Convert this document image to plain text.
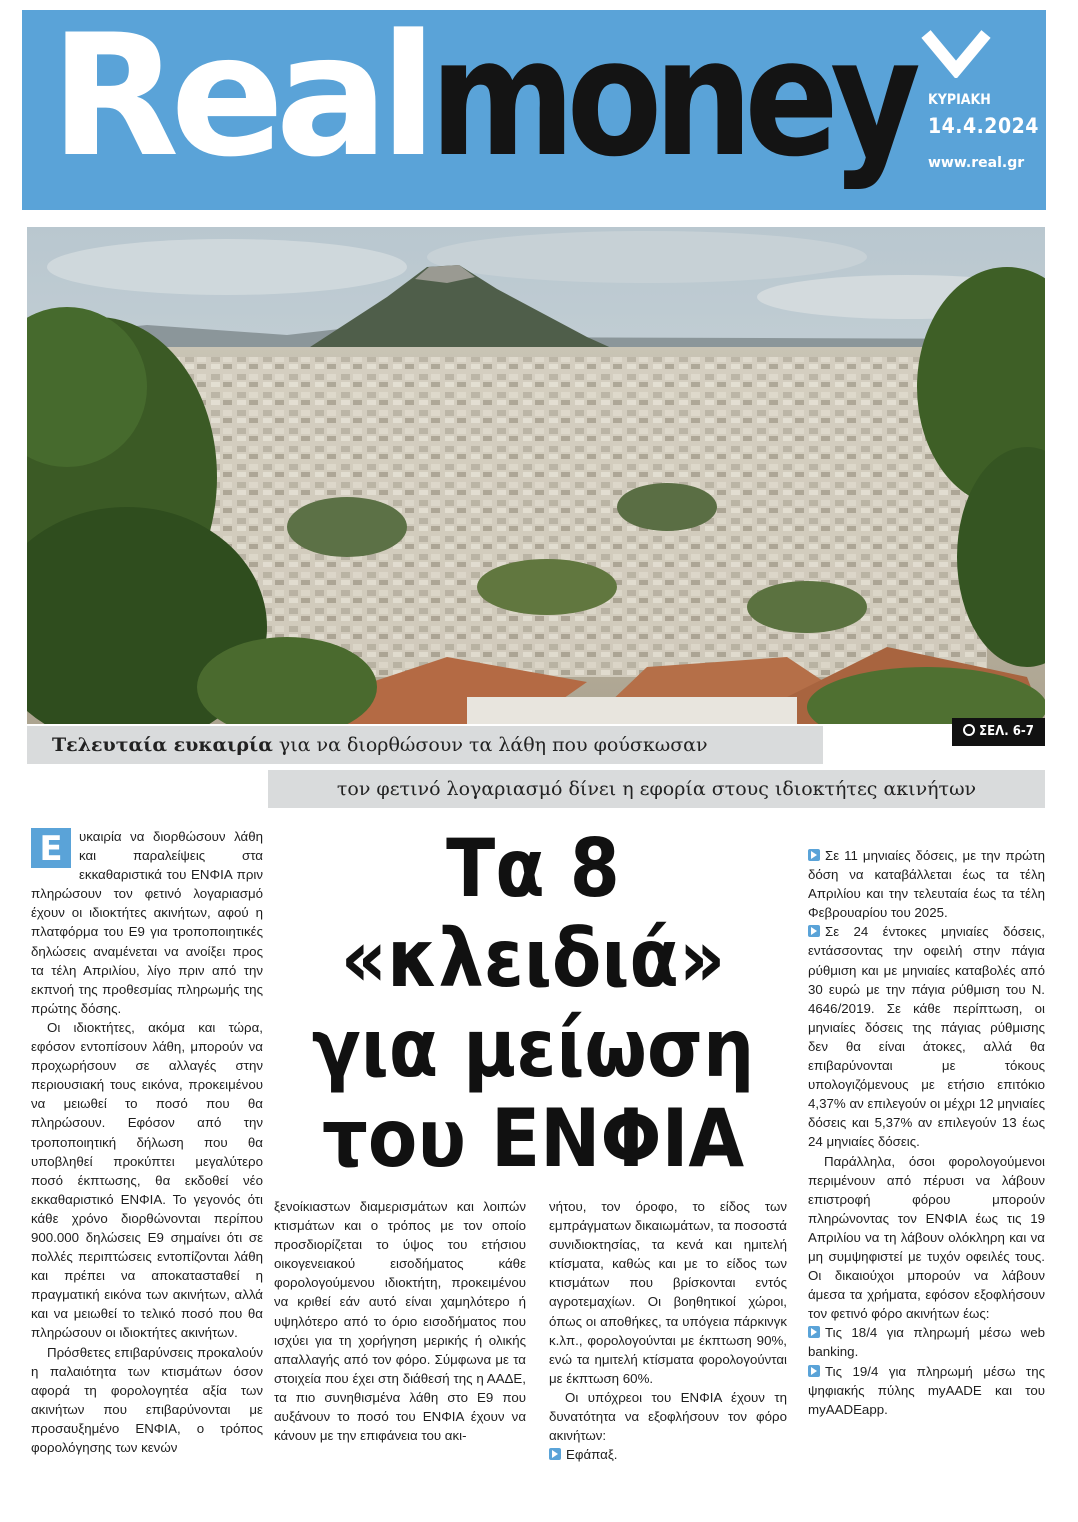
Real money ΚΥΡΙΑΚΗ
14.4.2024
www.real.gr
ΣΕΛ. 6-7
Τελευταία ευκαιρία για να διορθώσουν τα λάθη που φούσκωσαν
τον φετινό λογαριασμό δίνει η εφορία στους ιδιοκτήτες ακινήτων

Ε	υκαιρία να διορθώσουν λάθη και παραλείψεις στα εκκαθαριστικά του ΕΝΦΙΑ πριν πληρώσουν τον φετινό λογαριασμό έχουν οι ιδιοκτήτες ακινήτων, αφού η πλατφόρμα του Ε9 για τροποποιητικές δηλώσεις αναμένεται να ανοίξει προς τα τέλη Απριλίου, λίγο πριν από την εκπνοή της προθεσμίας πληρωμής της πρώτης δόσης.

Οι ιδιοκτήτες, ακόμα και τώρα, εφόσον εντοπίσουν λάθη, μπορούν να προχωρήσουν σε αλλαγές στην περιουσιακή τους εικόνα, προκειμένου να μειωθεί το ποσό που θα πληρώσουν. Εφόσον από την τροποποιητική δήλωση που θα υποβληθεί προκύπτει μεγαλύτερο ποσό έκπτωσης, θα εκδοθεί νέο εκκαθαριστικό ΕΝΦΙΑ. Το γεγονός ότι κάθε χρόνο διορθώνονται περίπου 900.000 δηλώσεις Ε9 σημαίνει ότι σε πολλές περιπτώσεις εντοπίζονται λάθη και πρέπει να αποκατασταθεί η πραγματική εικόνα των ακινήτων, αλλά και να μειωθεί το τελικό ποσό που θα πληρώσουν οι ιδιοκτήτες ακινήτων.

Πρόσθετες επιβαρύνσεις προκαλούν η παλαιότητα των κτισμάτων όσον αφορά τη φορολογητέα αξία των ακινήτων που επιβαρύνονται με προσαυξημένο ΕΝΦΙΑ, ο τρόπος φορολόγησης των κενών

Τα 8
«κλειδιά»
για μείωση
του ΕΝΦΙΑ

ξενοίκιαστων διαμερισμάτων και λοιπών κτισμάτων και ο τρόπος με τον οποίο προσδιορίζεται το ύψος του ετήσιου οικογενειακού εισοδήματος κάθε φορολογούμενου ιδιοκτήτη, προκειμένου να κριθεί εάν αυτό είναι χαμηλότερο ή υψηλότερο από το όριο εισοδήματος που ισχύει για τη χορήγηση μερικής ή ολικής απαλλαγής από τον φόρο. Σύμφωνα με τα στοιχεία που έχει στη διάθεσή της η ΑΑΔΕ, τα πιο συνηθισμένα λάθη στο Ε9 που αυξάνουν το ποσό του ΕΝΦΙΑ έχουν να κάνουν με την επιφάνεια του ακι-

νήτου, τον όροφο, το είδος των εμπράγματων δικαιωμάτων, τα ποσοστά συνιδιοκτησίας, τα κενά και ημιτελή κτίσματα, καθώς και με το είδος των κτισμάτων που βρίσκονται εντός αγροτεμαχίων. Οι βοηθητικοί χώροι, όπως οι αποθήκες, τα υπόγεια πάρκινγκ κ.λπ., φορολογούνται με έκπτωση 90%, ενώ τα ημιτελή κτίσματα φορολογούνται με έκπτωση 60%.

Οι υπόχρεοι του ΕΝΦΙΑ έχουν τη δυνατότητα να εξοφλήσουν τον φόρο ακινήτων:

Εφάπαξ.

Σε 11 μηνιαίες δόσεις, με την πρώτη δόση να καταβάλλεται έως τα τέλη Απριλίου και την τελευταία έως τα τέλη Φεβρουαρίου του 2025.

Σε 24 έντοκες μηνιαίες δόσεις, εντάσσοντας την οφειλή στην πάγια ρύθμιση και με μηνιαίες καταβολές από 30 ευρώ με την πάγια ρύθμιση του Ν. 4646/2019. Σε κάθε περίπτωση, οι μηνιαίες δόσεις της πάγιας ρύθμισης δεν θα είναι άτοκες, αλλά θα επιβαρύνονται με τόκους υπολογιζόμενους με ετήσιο επιτόκιο 4,37% αν επιλεγούν οι μέχρι 12 μηνιαίες δόσεις και 5,37% αν επιλεγούν 13 έως 24 μηνιαίες δόσεις.

Παράλληλα, όσοι φορολογούμενοι περιμένουν από πέρυσι να λάβουν επιστροφή φόρου μπορούν πληρώνοντας τον ΕΝΦΙΑ έως τις 19 Απριλίου να τη λάβουν ολόκληρη και να μη συμψηφιστεί με τυχόν οφειλές τους. Οι δικαιούχοι μπορούν να λάβουν άμεσα τα χρήματα, εφόσον εξοφλήσουν τον φετινό φόρο ακινήτων έως:

Τις 18/4 για πληρωμή μέσω web banking.

Τις 19/4 για πληρωμή μέσω της ψηφιακής πύλης myAADE και του myAADEapp.
